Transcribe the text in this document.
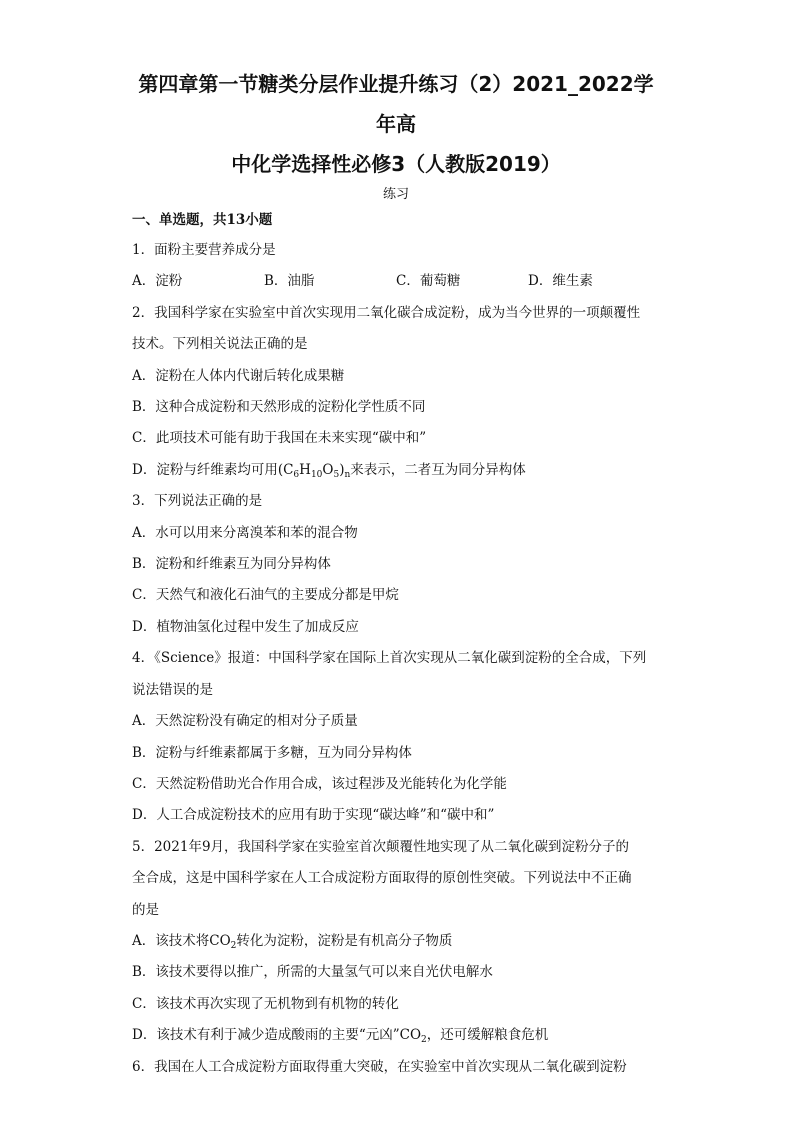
第四章第一节糖类分层作业提升练习（2）2021_2022学年高
中化学选择性必修3（人教版2019）
练习
一、单选题，共13小题
1．面粉主要营养成分是
A．淀粉	B．油脂	C．葡萄糖	D．维生素
2．我国科学家在实验室中首次实现用二氧化碳合成淀粉，成为当今世界的一项颠覆性
技术。下列相关说法正确的是
A．淀粉在人体内代谢后转化成果糖
B．这种合成淀粉和天然形成的淀粉化学性质不同
C．此项技术可能有助于我国在未来实现“碳中和”
D．淀粉与纤维素均可用$(C_6H_{10}O_5)_n$来表示，二者互为同分异构体
3．下列说法正确的是
A．水可以用来分离溴苯和苯的混合物
B．淀粉和纤维素互为同分异构体
C．天然气和液化石油气的主要成分都是甲烷
D．植物油氢化过程中发生了加成反应
4．《Science》报道：中国科学家在国际上首次实现从二氧化碳到淀粉的全合成，下列
说法错误的是
A．天然淀粉没有确定的相对分子质量
B．淀粉与纤维素都属于多糖，互为同分异构体
C．天然淀粉借助光合作用合成，该过程涉及光能转化为化学能
D．人工合成淀粉技术的应用有助于实现“碳达峰”和“碳中和”
5．2021年9月，我国科学家在实验室首次颠覆性地实现了从二氧化碳到淀粉分子的
全合成，这是中国科学家在人工合成淀粉方面取得的原创性突破。下列说法中不正确
的是
A．该技术将$CO_2$转化为淀粉，淀粉是有机高分子物质
B．该技术要得以推广，所需的大量氢气可以来自光伏电解水
C．该技术再次实现了无机物到有机物的转化
D．该技术有利于减少造成酸雨的主要“元凶$”CO_2$，还可缓解粮食危机
6．我国在人工合成淀粉方面取得重大突破，在实验室中首次实现从二氧化碳到淀粉
